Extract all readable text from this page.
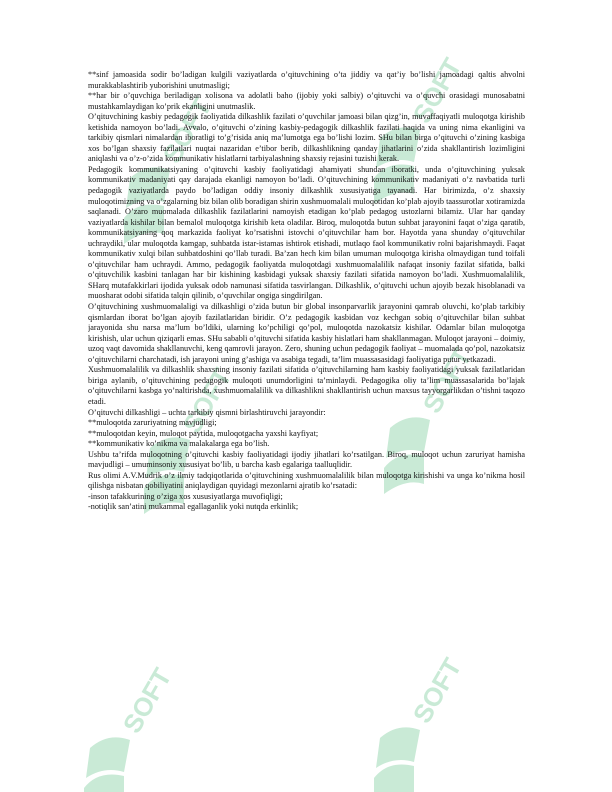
**sinf jamoasida sodir bo’ladigan kulgili vaziyatlarda o’qituvchining o’ta jiddiy va qat’iy bo’lishi jamoadagi qaltis ahvolni murakkablashtirib yuborishini unutmasligi;

**har bir o’quvchiga beriladigan xolisona va adolatli baho (ijobiy yoki salbiy) o’qituvchi va o’quvchi orasidagi munosabatni mustahkamlaydigan ko’prik ekanligini unutmaslik.

O’qituvchining kasbiy pedagogik faoliyatida dilkashlik fazilati o’quvchilar jamoasi bilan qizg’in, muvaffaqiyatli muloqotga kirishib ketishida namoyon bo’ladi. Avvalo, o’qituvchi o’zining kasbiy-pedagogik dilkashlik fazilati haqida va uning nima ekanligini va tarkibiy qismlari nimalardan iboratligi to’g’risida aniq ma’lumotga ega bo’lishi lozim. SHu bilan birga o’qituvchi o’zining kasbiga xos bo’lgan shaxsiy fazilatlari nuqtai nazaridan e’tibor berib, dilkashlikning qanday jihatlarini o’zida shakllantirish lozimligini aniqlashi va o’z-o’zida kommunikativ hislatlarni tarbiyalashning shaxsiy rejasini tuzishi kerak.

Pedagogik kommunikatsiyaning o’qituvchi kasbiy faoliyatidagi ahamiyati shundan iboratki, unda o’qituvchining yuksak kommunikativ madaniyati qay darajada ekanligi namoyon bo’ladi. O’qituvchining kommunikativ madaniyati o’z navbatida turli pedagogik vaziyatlarda paydo bo’ladigan oddiy insoniy dilkashlik xususiyatiga tayanadi. Har birimizda, o’z shaxsiy muloqotimizning va o’zgalarning biz bilan olib boradigan shirin xushmuomalali muloqotidan ko’plab ajoyib taassurotlar xotiramizda saqlanadi. O’zaro muomalada dilkashlik fazilatlarini namoyish etadigan ko’plab pedagog ustozlarni bilamiz. Ular har qanday vaziyatlarda kishilar bilan bemalol muloqotga kirishib keta oladilar. Biroq, muloqotda butun suhbat jarayonini faqat o’ziga qaratib, kommunikatsiyaning qoq markazida faoliyat ko’rsatishni istovchi o’qituvchilar ham bor. Hayotda yana shunday o’qituvchilar uchraydiki, ular muloqotda kamgap, suhbatda istar-istamas ishtirok etishadi, mutlaqo faol kommunikativ rolni bajarishmaydi. Faqat kommunikativ xulqi bilan suhbatdoshini qo’llab turadi. Ba’zan hech kim bilan umuman muloqotga kirisha olmaydigan tund toifali o’qituvchilar ham uchraydi. Ammo, pedagogik faoliyatda muloqotdagi xushmuomalalilik nafaqat insoniy fazilat sifatida, balki o’qituvchilik kasbini tanlagan har bir kishining kasbidagi yuksak shaxsiy fazilati sifatida namoyon bo’ladi. Xushmuomalalilik, SHarq mutafakkirlari ijodida yuksak odob namunasi sifatida tasvirlangan. Dilkashlik, o’qituvchi uchun ajoyib bezak hisoblanadi va muosharat odobi sifatida talqin qilinib, o’quvchilar ongiga singdirilgan.

O’qituvchining xushmuomalaligi va dilkashligi o’zida butun bir global insonparvarlik jarayonini qamrab oluvchi, ko’plab tarkibiy qismlardan iborat bo’lgan ajoyib fazilatlaridan biridir. O’z pedagogik kasbidan voz kechgan sobiq o’qituvchilar bilan suhbat jarayonida shu narsa ma’lum bo’ldiki, ularning ko’pchiligi qo’pol, muloqotda nazokatsiz kishilar. Odamlar bilan muloqotga kirishish, ular uchun qiziqarli emas. SHu sababli o’qituvchi sifatida kasbiy hislatlari ham shakllanmagan. Muloqot jarayoni – doimiy, uzoq vaqt davomida shakllanuvchi, keng qamrovli jarayon. Zero, shuning uchun pedagogik faoliyat – muomalada qo’pol, nazokatsiz o’qituvchilarni charchatadi, ish jarayoni uning g’ashiga va asabiga tegadi, ta’lim muassasasidagi faoliyatiga putur yetkazadi.

Xushmuomalalilik va dilkashlik shaxsning insoniy fazilati sifatida o’qituvchilarning ham kasbiy faoliyatidagi yuksak fazilatlaridan biriga aylanib, o’qituvchining pedagogik muloqoti unumdorligini ta’minlaydi. Pedagogika oliy ta’lim muassasalarida bo’lajak o’qituvchilarni kasbga yo’naltirishda, xushmuomalalilik va dilkashlikni shakllantirish uchun maxsus tayyorgarlikdan o’tishni taqozo etadi.

O’qituvchi dilkashligi – uchta tarkibiy qismni birlashtiruvchi jarayondir:

**muloqotda zaruriyatning mavjudligi;

**muloqotdan keyin, muloqot paytida, muloqotgacha yaxshi kayfiyat;

**kommunikativ ko’nikma va malakalarga ega bo’lish.

Ushbu ta’rifda muloqotning o’qituvchi kasbiy faoliyatidagi ijodiy jihatlari ko’rsatilgan. Biroq, muloqot uchun zaruriyat hamisha mavjudligi – umuminsoniy xususiyat bo’lib, u barcha kasb egalariga taalluqlidir.

Rus olimi A.V.Mudrik o’z ilmiy tadqiqotlarida o’qituvchining xushmuomalalilik bilan muloqotga kirishishi va unga ko’nikma hosil qilishga nisbatan qobiliyatini aniqlaydigan quyidagi mezonlarni ajratib ko’rsatadi:

-inson tafakkurining o’ziga xos xususiyatlarga muvofiqligi;

-notiqlik san’atini mukammal egallaganlik yoki nutqda erkinlik;
